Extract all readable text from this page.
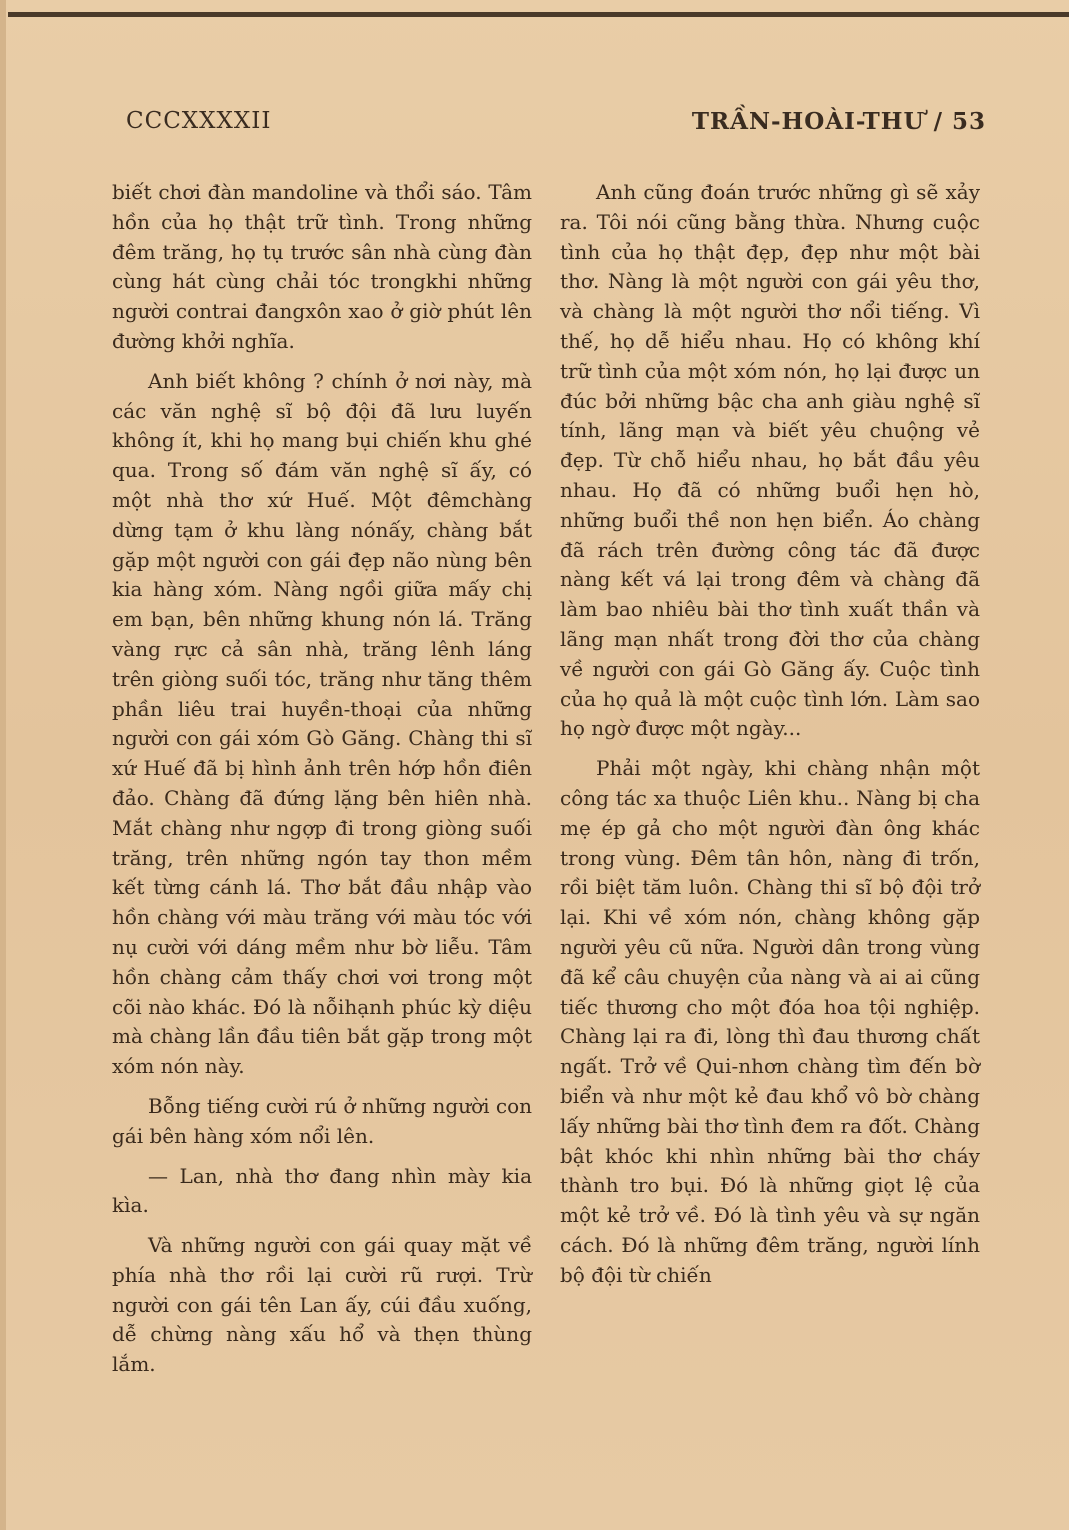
CCCXXXXII	TRẦN-HOÀI-THƯ / 53

biết chơi đàn mandoline và thổi sáo. Tâm hồn của họ thật trữ tình. Trong những đêm trăng, họ tụ trước sân nhà cùng đàn cùng hát cùng chải tóc trongkhi những người contrai đangxôn xao ở giờ phút lên đường khởi nghĩa.

Anh biết không ? chính ở nơi này, mà các văn nghệ sĩ bộ đội đã lưu luyến không ít, khi họ mang bụi chiến khu ghé qua. Trong số đám văn nghệ sĩ ấy, có một nhà thơ xứ Huế. Một đêmchàng dừng tạm ở khu làng nónấy, chàng bắt gặp một người con gái đẹp não nùng bên kia hàng xóm. Nàng ngồi giữa mấy chị em bạn, bên những khung nón lá. Trăng vàng rực cả sân nhà, trăng lênh láng trên giòng suối tóc, trăng như tăng thêm phần liêu trai huyền-thoại của những người con gái xóm Gò Găng. Chàng thi sĩ xứ Huế đã bị hình ảnh trên hớp hồn điên đảo. Chàng đã đứng lặng bên hiên nhà. Mắt chàng như ngợp đi trong giòng suối trăng, trên những ngón tay thon mềm kết từng cánh lá. Thơ bắt đầu nhập vào hồn chàng với màu trăng với màu tóc với nụ cười với dáng mềm như bờ liễu. Tâm hồn chàng cảm thấy chơi vơi trong một cõi nào khác. Đó là nỗihạnh phúc kỳ diệu mà chàng lần đầu tiên bắt gặp trong một xóm nón này.

Bỗng tiếng cười rú ở những người con gái bên hàng xóm nổi lên.

— Lan, nhà thơ đang nhìn mày kia kìa.

Và những người con gái quay mặt về phía nhà thơ rồi lại cười rũ rượi. Trừ người con gái tên Lan ấy, cúi đầu xuống, dễ chừng nàng xấu hổ và thẹn thùng lắm.

Anh cũng đoán trước những gì sẽ xảy ra. Tôi nói cũng bằng thừa. Nhưng cuộc tình của họ thật đẹp, đẹp như một bài thơ. Nàng là một người con gái yêu thơ, và chàng là một người thơ nổi tiếng. Vì thế, họ dễ hiểu nhau. Họ có không khí trữ tình của một xóm nón, họ lại được un đúc bởi những bậc cha anh giàu nghệ sĩ tính, lãng mạn và biết yêu chuộng vẻ đẹp. Từ chỗ hiểu nhau, họ bắt đầu yêu nhau. Họ đã có những buổi hẹn hò, những buổi thề non hẹn biển. Áo chàng đã rách trên đường công tác đã được nàng kết vá lại trong đêm và chàng đã làm bao nhiêu bài thơ tình xuất thần và lãng mạn nhất trong đời thơ của chàng về người con gái Gò Găng ấy. Cuộc tình của họ quả là một cuộc tình lớn. Làm sao họ ngờ được một ngày...

Phải một ngày, khi chàng nhận một công tác xa thuộc Liên khu.. Nàng bị cha mẹ ép gả cho một người đàn ông khác trong vùng. Đêm tân hôn, nàng đi trốn, rồi biệt tăm luôn. Chàng thi sĩ bộ đội trở lại. Khi về xóm nón, chàng không gặp người yêu cũ nữa. Người dân trong vùng đã kể câu chuyện của nàng và ai ai cũng tiếc thương cho một đóa hoa tội nghiệp. Chàng lại ra đi, lòng thì đau thương chất ngất. Trở về Qui-nhơn chàng tìm đến bờ biển và như một kẻ đau khổ vô bờ chàng lấy những bài thơ tình đem ra đốt. Chàng bật khóc khi nhìn những bài thơ cháy thành tro bụi. Đó là những giọt lệ của một kẻ trở về. Đó là tình yêu và sự ngăn cách. Đó là những đêm trăng, người lính bộ đội từ chiến
